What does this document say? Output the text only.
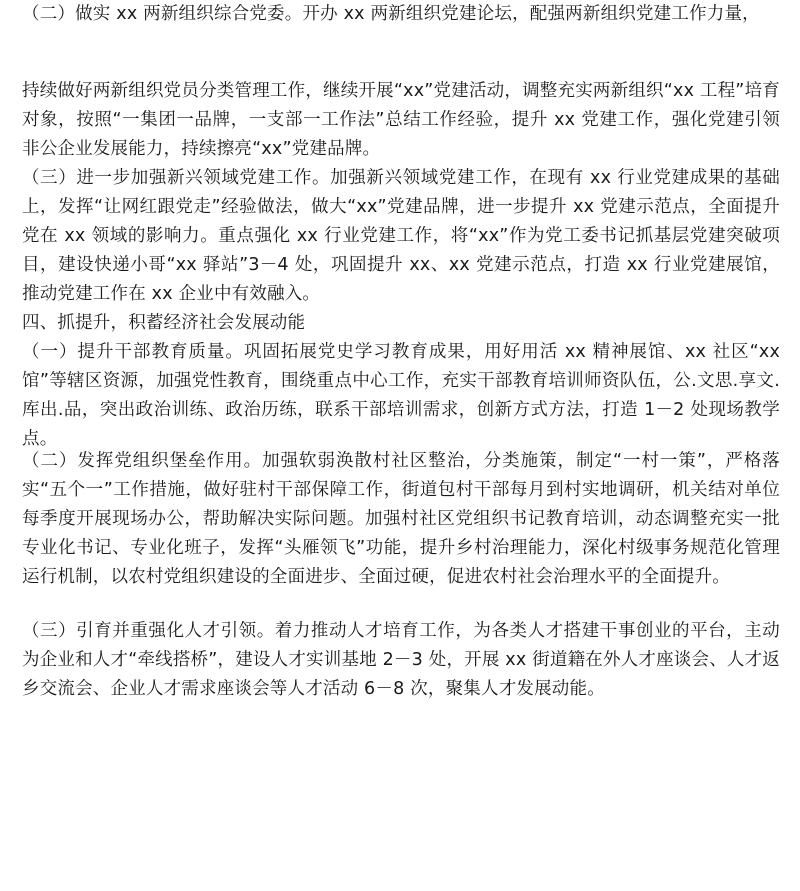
（二）做实 xx 两新组织综合党委。开办 xx 两新组织党建论坛，配强两新组织党建工作力量，

持续做好两新组织党员分类管理工作，继续开展“xx”党建活动，调整充实两新组织“xx 工程”培育对象，按照“一集团一品牌，一支部一工作法”总结工作经验，提升 xx 党建工作，强化党建引领非公企业发展能力，持续擦亮“xx”党建品牌。

（三）进一步加强新兴领域党建工作。加强新兴领域党建工作，在现有 xx 行业党建成果的基础上，发挥“让网红跟党走”经验做法，做大“xx”党建品牌，进一步提升 xx 党建示范点，全面提升党在 xx 领域的影响力。重点强化 xx 行业党建工作，将“xx”作为党工委书记抓基层党建突破项目，建设快递小哥“xx 驿站”3－4 处，巩固提升 xx、xx 党建示范点，打造 xx 行业党建展馆，推动党建工作在 xx 企业中有效融入。

四、抓提升，积蓄经济社会发展动能

（一）提升干部教育质量。巩固拓展党史学习教育成果，用好用活 xx 精神展馆、xx 社区“xx馆”等辖区资源，加强党性教育，围绕重点中心工作，充实干部教育培训师资队伍，公.文思.享文.库出.品，突出政治训练、政治历练，联系干部培训需求，创新方式方法，打造 1－2 处现场教学点。

（二）发挥党组织堡垒作用。加强软弱涣散村社区整治，分类施策，制定“一村一策”，严格落实“五个一”工作措施，做好驻村干部保障工作，街道包村干部每月到村实地调研，机关结对单位每季度开展现场办公，帮助解决实际问题。加强村社区党组织书记教育培训，动态调整充实一批专业化书记、专业化班子，发挥“头雁领飞”功能，提升乡村治理能力，深化村级事务规范化管理运行机制，以农村党组织建设的全面进步、全面过硬，促进农村社会治理水平的全面提升。

（三）引育并重强化人才引领。着力推动人才培育工作，为各类人才搭建干事创业的平台，主动为企业和人才“牵线搭桥”，建设人才实训基地 2－3 处，开展 xx 街道籍在外人才座谈会、人才返乡交流会、企业人才需求座谈会等人才活动 6－8 次，聚集人才发展动能。
